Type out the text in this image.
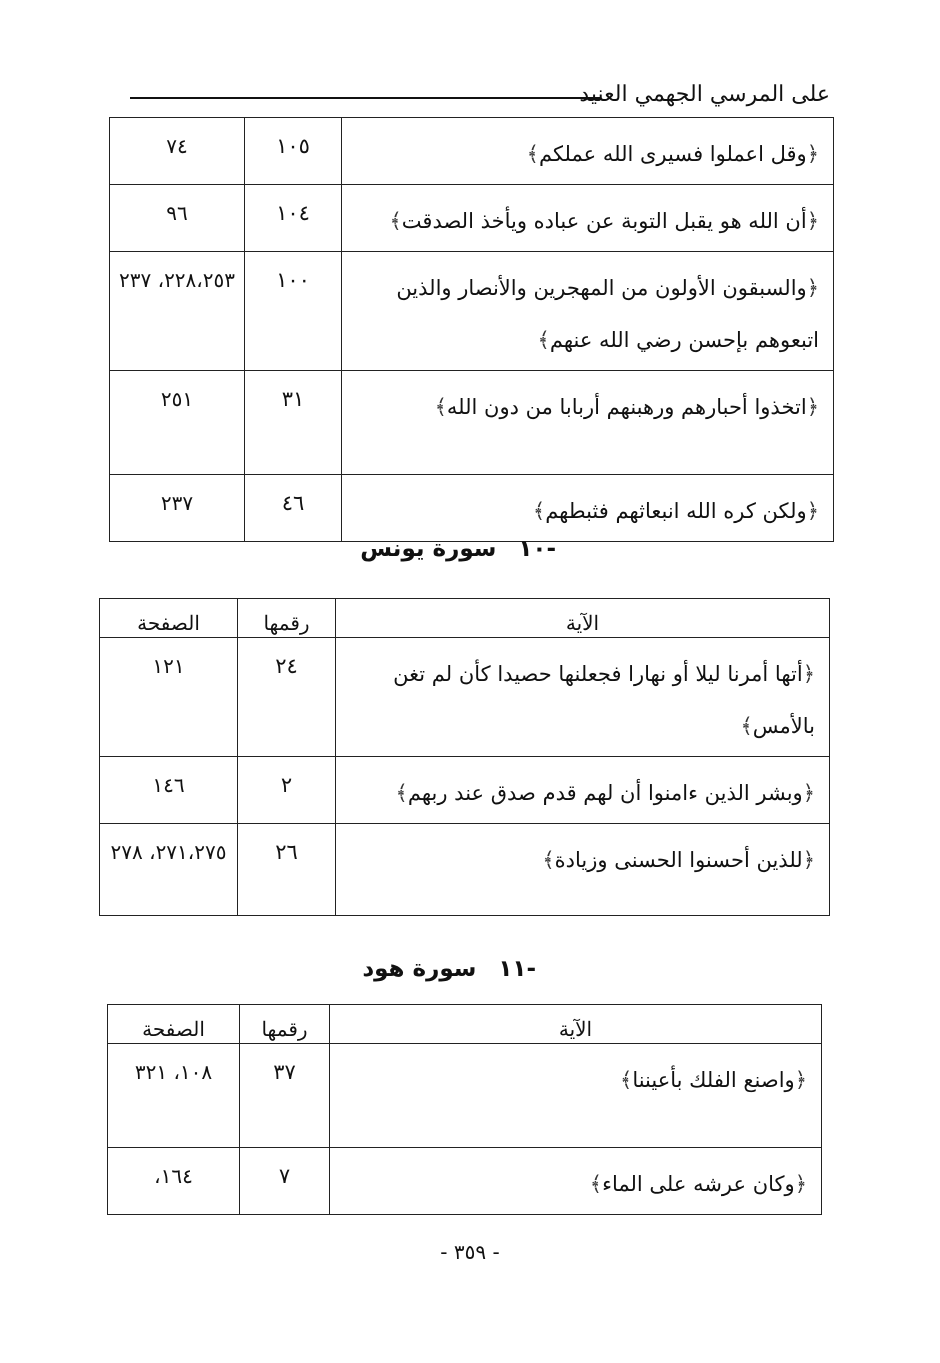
على المرسي الجهمي العنيد
﴿وقل اعملوا فسيرى الله عملكم﴾	١٠٥	٧٤
﴿أن الله هو يقبل التوبة عن عباده ويأخذ الصدقت﴾	١٠٤	٩٦
﴿والسبقون الأولون من المهجرين والأنصار والذين اتبعوهم بإحسن رضي الله عنهم﴾	١٠٠	٢٢٨،٢٥٣، ٢٣٧
﴿اتخذوا أحبارهم ورهبنهم أربابا من دون الله﴾	٣١	٢٥١
﴿ولكن كره الله انبعاثهم فثبطهم﴾	٤٦	٢٣٧
-١٠سورة يونس
الآية	رقمها	الصفحة
﴿أتها أمرنا ليلا أو نهارا فجعلنها حصيدا كأن لم تغن بالأمس﴾	٢٤	١٢١
﴿وبشر الذين ءامنوا أن لهم قدم صدق عند ربهم﴾	٢	١٤٦
﴿للذين أحسنوا الحسنى وزيادة﴾	٢٦	٢٧١،٢٧٥، ٢٧٨
-١١سورة هود
الآية	رقمها	الصفحة
﴿واصنع الفلك بأعيننا﴾	٣٧	١٠٨، ٣٢١
﴿وكان عرشه على الماء﴾	٧	١٦٤،
- ٣٥٩ -
